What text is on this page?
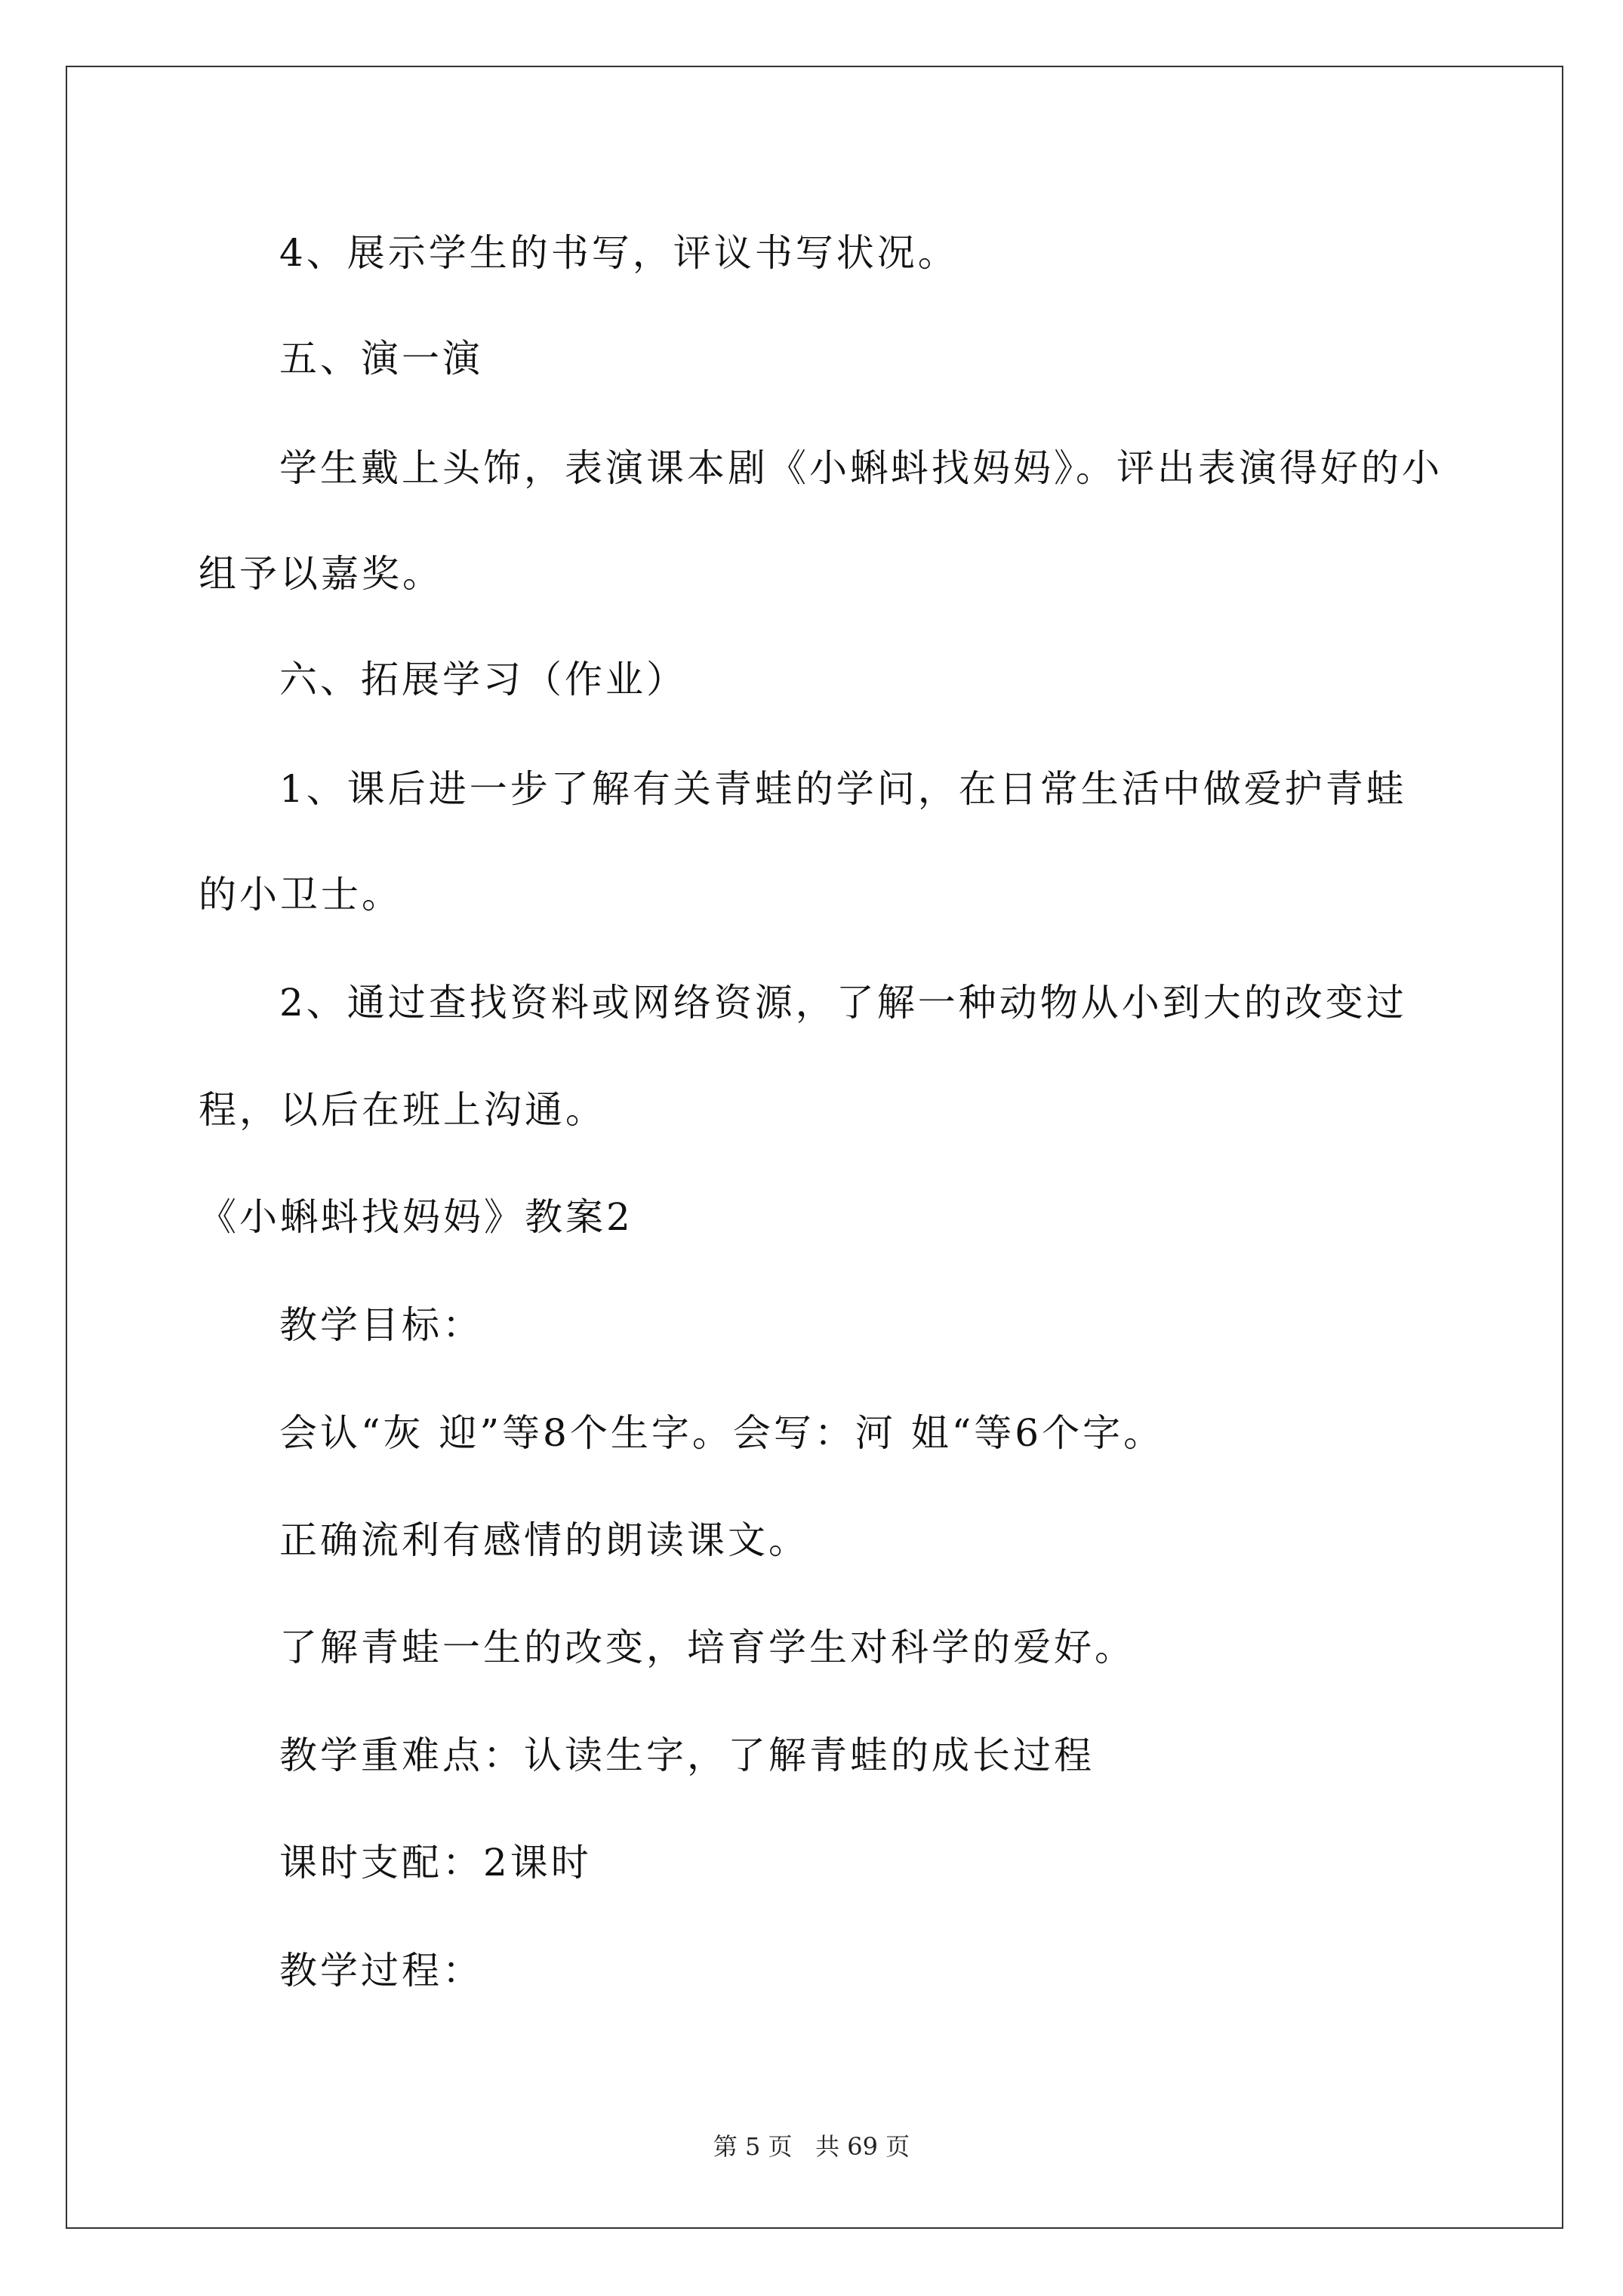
4、展示学生的书写，评议书写状况。
五、演一演
学生戴上头饰，表演课本剧《小蝌蚪找妈妈》。评出表演得好的小
组予以嘉奖。
六、拓展学习（作业）
1、课后进一步了解有关青蛙的学问，在日常生活中做爱护青蛙
的小卫士。
2、通过查找资料或网络资源，了解一种动物从小到大的改变过
程，以后在班上沟通。
《小蝌蚪找妈妈》教案2
教学目标：
会认“灰 迎”等8个生字。会写：河 姐“等6个字。
正确流利有感情的朗读课文。
了解青蛙一生的改变，培育学生对科学的爱好。
教学重难点：认读生字，了解青蛙的成长过程
课时支配：2课时
教学过程：
第 5 页   共 69 页
